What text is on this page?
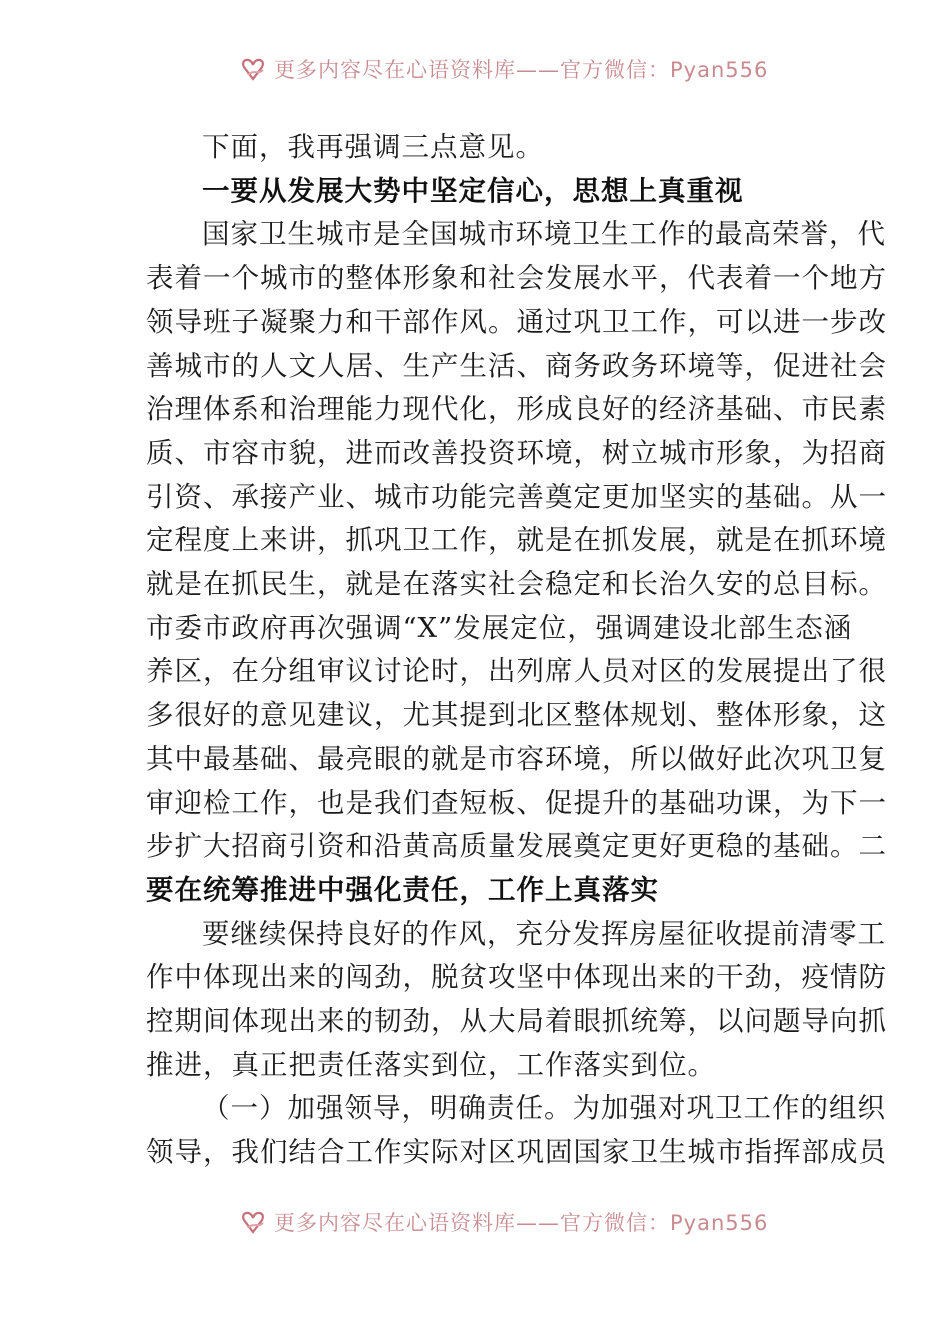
更多内容尽在心语资料库——官方微信：Pyan556
下面，我再强调三点意见。
一要从发展大势中坚定信心，思想上真重视
国家卫生城市是全国城市环境卫生工作的最高荣誉，代
表着一个城市的整体形象和社会发展水平，代表着一个地方
领导班子凝聚力和干部作风。通过巩卫工作，可以进一步改
善城市的人文人居、生产生活、商务政务环境等，促进社会
治理体系和治理能力现代化，形成良好的经济基础、市民素
质、市容市貌，进而改善投资环境，树立城市形象，为招商
引资、承接产业、城市功能完善奠定更加坚实的基础。从一
定程度上来讲，抓巩卫工作，就是在抓发展，就是在抓环境
就是在抓民生，就是在落实社会稳定和长治久安的总目标。
市委市政府再次强调“X”发展定位，强调建设北部生态涵
养区，在分组审议讨论时，出列席人员对区的发展提出了很
多很好的意见建议，尤其提到北区整体规划、整体形象，这
其中最基础、最亮眼的就是市容环境，所以做好此次巩卫复
审迎检工作，也是我们查短板、促提升的基础功课，为下一
步扩大招商引资和沿黄高质量发展奠定更好更稳的基础。二
要在统筹推进中强化责任，工作上真落实
要继续保持良好的作风，充分发挥房屋征收提前清零工
作中体现出来的闯劲，脱贫攻坚中体现出来的干劲，疫情防
控期间体现出来的韧劲，从大局着眼抓统筹，以问题导向抓
推进，真正把责任落实到位，工作落实到位。
（一）加强领导，明确责任。为加强对巩卫工作的组织
领导，我们结合工作实际对区巩固国家卫生城市指挥部成员
更多内容尽在心语资料库——官方微信：Pyan556
